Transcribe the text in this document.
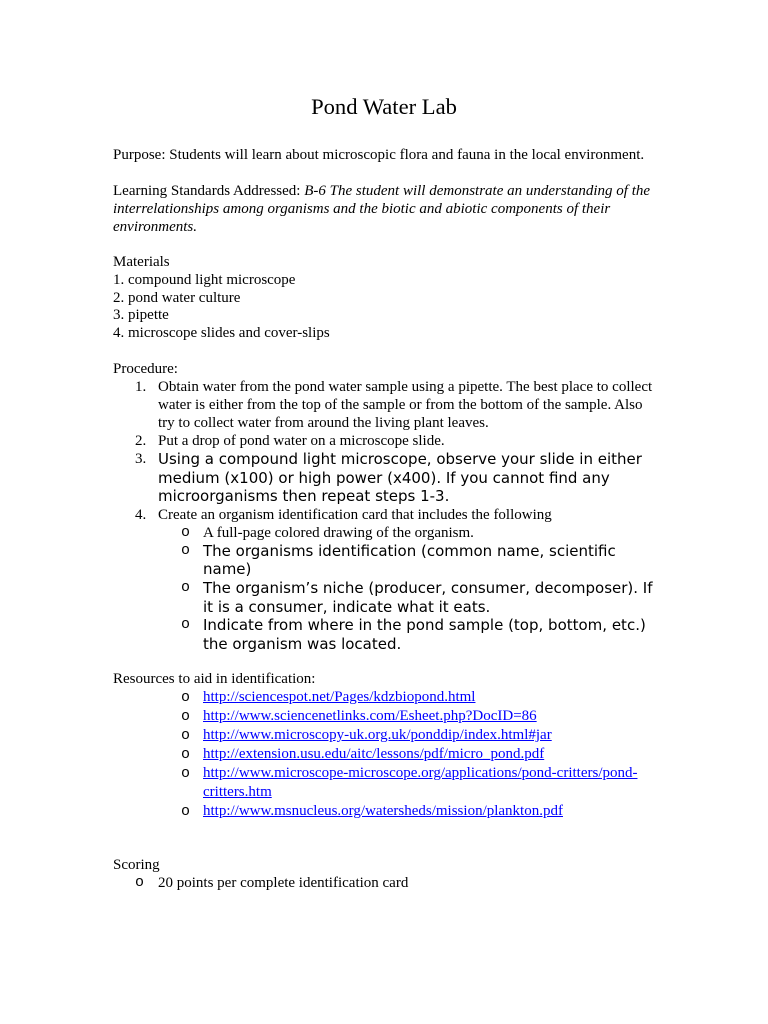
Pond Water Lab

Purpose: Students will learn about microscopic flora and fauna in the local environment.

Learning Standards Addressed: B-6 The student will demonstrate an understanding of the interrelationships among organisms and the biotic and abiotic components of their environments.

Materials
1. compound light microscope
2. pond water culture
3. pipette
4. microscope slides and cover-slips
Procedure:
1. Obtain water from the pond water sample using a pipette. The best place to collect water is either from the top of the sample or from the bottom of the sample. Also try to collect water from around the living plant leaves.
2. Put a drop of pond water on a microscope slide.
3. Using a compound light microscope, observe your slide in either medium (x100) or high power (x400). If you cannot find any microorganisms then repeat steps 1-3.
4. Create an organism identification card that includes the following
o A full-page colored drawing of the organism.
o The organisms identification (common name, scientific name)
o The organism’s niche (producer, consumer, decomposer). If it is a consumer, indicate what it eats.
o Indicate from where in the pond sample (top, bottom, etc.) the organism was located.
Resources to aid in identification:
o http://sciencespot.net/Pages/kdzbiopond.html
o http://www.sciencenetlinks.com/Esheet.php?DocID=86
o http://www.microscopy-uk.org.uk/ponddip/index.html#jar
o http://extension.usu.edu/aitc/lessons/pdf/micro_pond.pdf
o http://www.microscope-microscope.org/applications/pond-critters/pond-critters.htm
o http://www.msnucleus.org/watersheds/mission/plankton.pdf
Scoring
o 20 points per complete identification card
